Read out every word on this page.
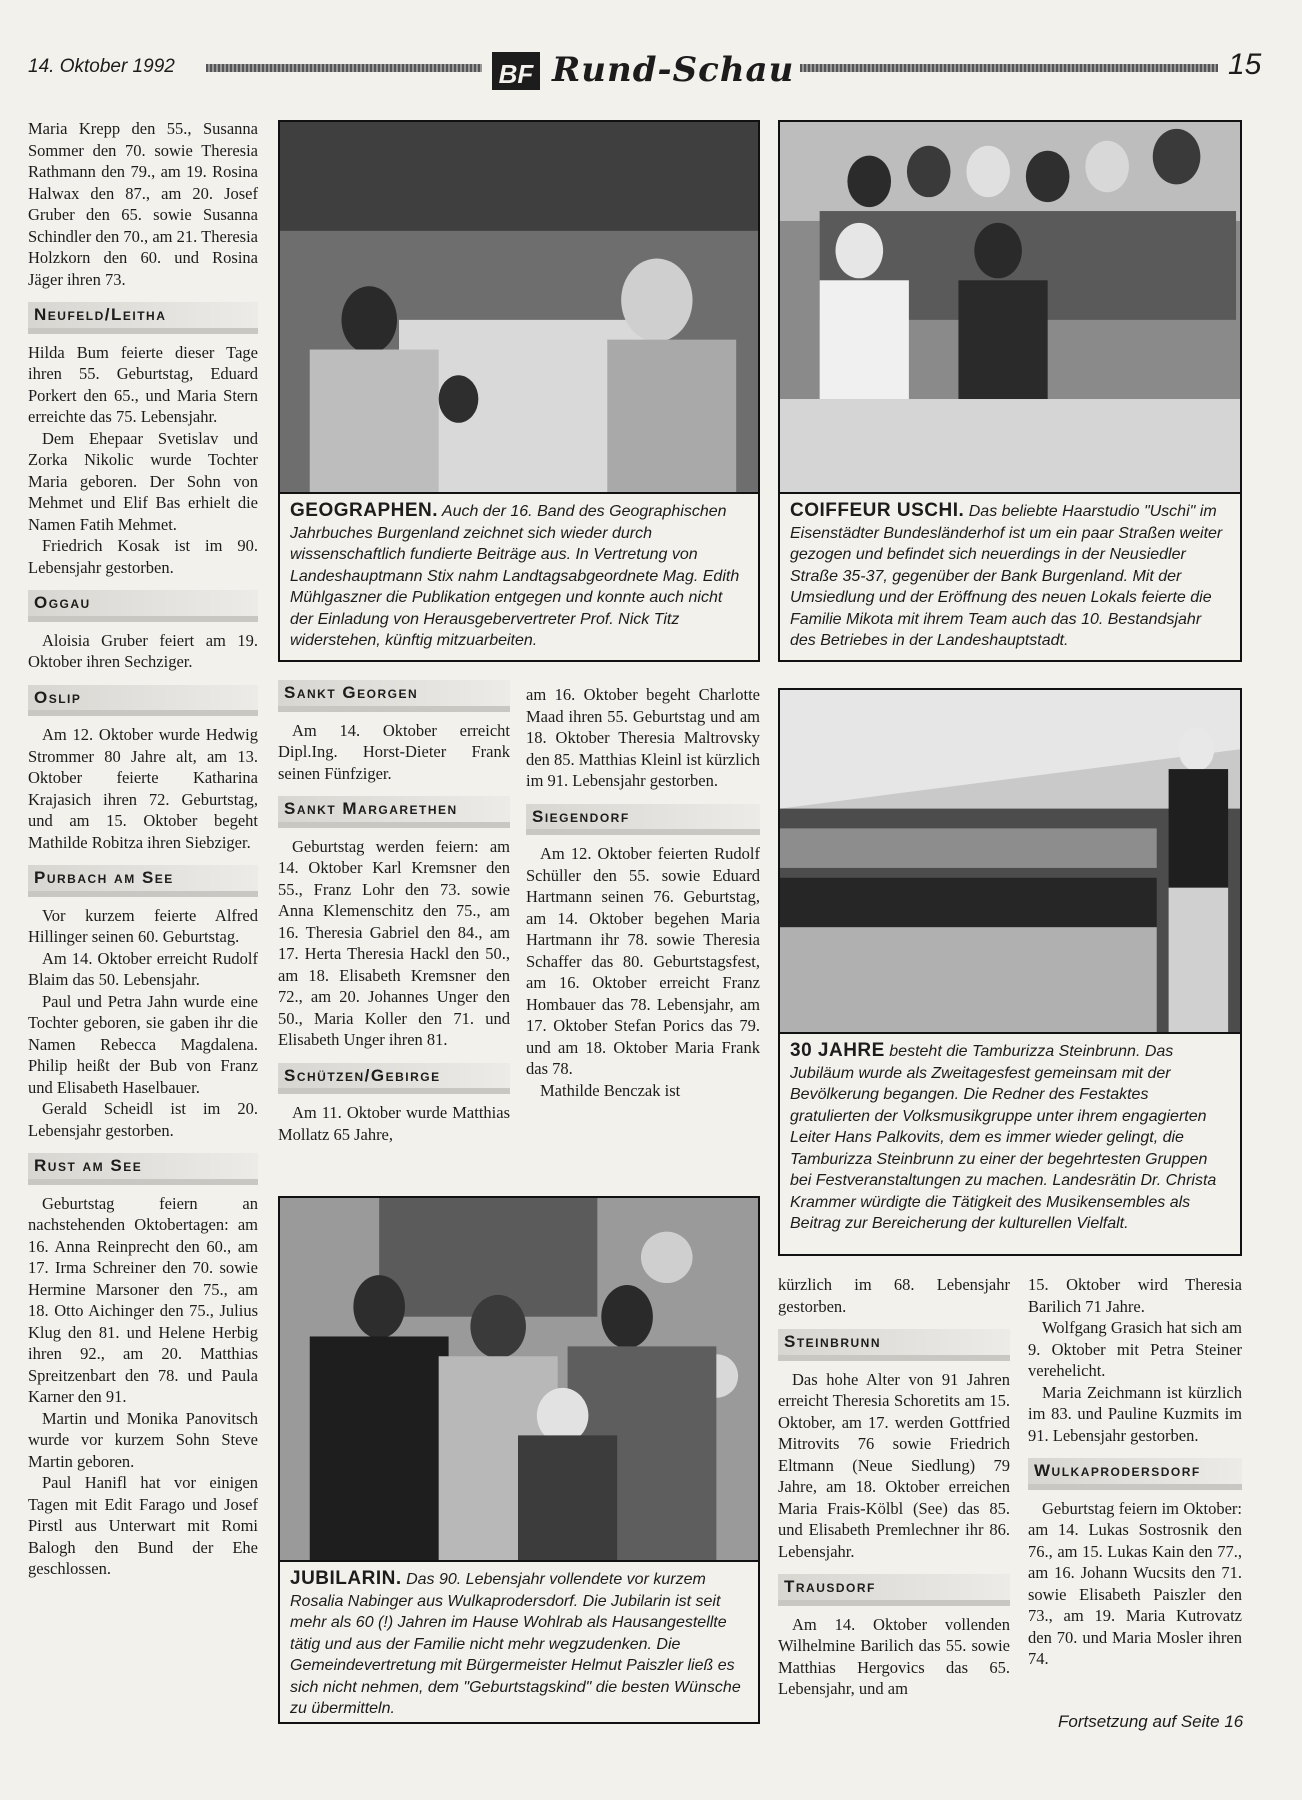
14. Oktober 1992	BF Rund-Schau	15

Maria Krepp den 55., Susanna Sommer den 70. sowie Theresia Rathmann den 79., am 19. Rosina Halwax den 87., am 20. Josef Gruber den 65. sowie Susanna Schindler den 70., am 21. Theresia Holzkorn den 60. und Rosina Jäger ihren 73.

Neufeld/Leitha

Hilda Bum feierte dieser Tage ihren 55. Geburtstag, Eduard Porkert den 65., und Maria Stern erreichte das 75. Lebensjahr.

Dem Ehepaar Svetislav und Zorka Nikolic wurde Tochter Maria geboren. Der Sohn von Mehmet und Elif Bas erhielt die Namen Fatih Mehmet.

Friedrich Kosak ist im 90. Lebensjahr gestorben.

Oggau

Aloisia Gruber feiert am 19. Oktober ihren Sechziger.

Oslip

Am 12. Oktober wurde Hedwig Strommer 80 Jahre alt, am 13. Oktober feierte Katharina Krajasich ihren 72. Geburtstag, und am 15. Oktober begeht Mathilde Robitza ihren Siebziger.

Purbach am See

Vor kurzem feierte Alfred Hillinger seinen 60. Geburtstag.

Am 14. Oktober erreicht Rudolf Blaim das 50. Lebensjahr.

Paul und Petra Jahn wurde eine Tochter geboren, sie gaben ihr die Namen Rebecca Magdalena. Philip heißt der Bub von Franz und Elisabeth Haselbauer.

Gerald Scheidl ist im 20. Lebensjahr gestorben.

Rust am See

Geburtstag feiern an nachstehenden Oktobertagen: am 16. Anna Reinprecht den 60., am 17. Irma Schreiner den 70. sowie Hermine Marsoner den 75., am 18. Otto Aichinger den 75., Julius Klug den 81. und Helene Herbig ihren 92., am 20. Matthias Spreitzenbart den 78. und Paula Karner den 91.

Martin und Monika Panovitsch wurde vor kurzem Sohn Steve Martin geboren.

Paul Hanifl hat vor einigen Tagen mit Edit Farago und Josef Pirstl aus Unterwart mit Romi Balogh den Bund der Ehe geschlossen.

GEOGRAPHEN. Auch der 16. Band des Geographischen Jahrbuches Burgenland zeichnet sich wieder durch wissenschaftlich fundierte Beiträge aus. In Vertretung von Landeshauptmann Stix nahm Landtagsabgeordnete Mag. Edith Mühlgaszner die Publikation entgegen und konnte auch nicht der Einladung von Herausgebervertreter Prof. Nick Titz widerstehen, künftig mitzuarbeiten.
COIFFEUR USCHI. Das beliebte Haarstudio "Uschi" im Eisenstädter Bundesländerhof ist um ein paar Straßen weiter gezogen und befindet sich neuerdings in der Neusiedler Straße 35-37, gegenüber der Bank Burgenland. Mit der Umsiedlung und der Eröffnung des neuen Lokals feierte die Familie Mikota mit ihrem Team auch das 10. Bestandsjahr des Betriebes in der Landeshauptstadt.
Sankt Georgen

Am 14. Oktober erreicht Dipl.Ing. Horst-Dieter Frank seinen Fünfziger.

Sankt Margarethen

Geburtstag werden feiern: am 14. Oktober Karl Kremsner den 55., Franz Lohr den 73. sowie Anna Klemenschitz den 75., am 16. Theresia Gabriel den 84., am 17. Herta Theresia Hackl den 50., am 18. Elisabeth Kremsner den 72., am 20. Johannes Unger den 50., Maria Koller den 71. und Elisabeth Unger ihren 81.

Schützen/Gebirge

Am 11. Oktober wurde Matthias Mollatz 65 Jahre,

am 16. Oktober begeht Charlotte Maad ihren 55. Geburtstag und am 18. Oktober Theresia Maltrovsky den 85. Matthias Kleinl ist kürzlich im 91. Lebensjahr gestorben.

Siegendorf

Am 12. Oktober feierten Rudolf Schüller den 55. sowie Eduard Hartmann seinen 76. Geburtstag, am 14. Oktober begehen Maria Hartmann ihr 78. sowie Theresia Schaffer das 80. Geburtstagsfest, am 16. Oktober erreicht Franz Hombauer das 78. Lebensjahr, am 17. Oktober Stefan Porics das 79. und am 18. Oktober Maria Frank das 78.

Mathilde Benczak ist

30 JAHRE besteht die Tamburizza Steinbrunn. Das Jubiläum wurde als Zweitagesfest gemeinsam mit der Bevölkerung begangen. Die Redner des Festaktes gratulierten der Volksmusikgruppe unter ihrem engagierten Leiter Hans Palkovits, dem es immer wieder gelingt, die Tamburizza Steinbrunn zu einer der begehrtesten Gruppen bei Festveranstaltungen zu machen. Landesrätin Dr. Christa Krammer würdigte die Tätigkeit des Musikensembles als Beitrag zur Bereicherung der kulturellen Vielfalt.
JUBILARIN. Das 90. Lebensjahr vollendete vor kurzem Rosalia Nabinger aus Wulkaprodersdorf. Die Jubilarin ist seit mehr als 60 (!) Jahren im Hause Wohlrab als Hausangestellte tätig und aus der Familie nicht mehr wegzudenken. Die Gemeindevertretung mit Bürgermeister Helmut Paiszler ließ es sich nicht nehmen, dem "Geburtstagskind" die besten Wünsche zu übermitteln.

kürzlich im 68. Lebensjahr gestorben.

Steinbrunn

Das hohe Alter von 91 Jahren erreicht Theresia Schoretits am 15. Oktober, am 17. werden Gottfried Mitrovits 76 sowie Friedrich Eltmann (Neue Siedlung) 79 Jahre, am 18. Oktober erreichen Maria Frais-Kölbl (See) das 85. und Elisabeth Premlechner ihr 86. Lebensjahr.

Trausdorf

Am 14. Oktober vollenden Wilhelmine Barilich das 55. sowie Matthias Hergovics das 65. Lebensjahr, und am

15. Oktober wird Theresia Barilich 71 Jahre.

Wolfgang Grasich hat sich am 9. Oktober mit Petra Steiner verehelicht.

Maria Zeichmann ist kürzlich im 83. und Pauline Kuzmits im 91. Lebensjahr gestorben.

Wulkaprodersdorf

Geburtstag feiern im Oktober: am 14. Lukas Sostrosnik den 76., am 15. Lukas Kain den 77., am 16. Johann Wucsits den 71. sowie Elisabeth Paiszler den 73., am 19. Maria Kutrovatz den 70. und Maria Mosler ihren 74.

Fortsetzung auf Seite 16
